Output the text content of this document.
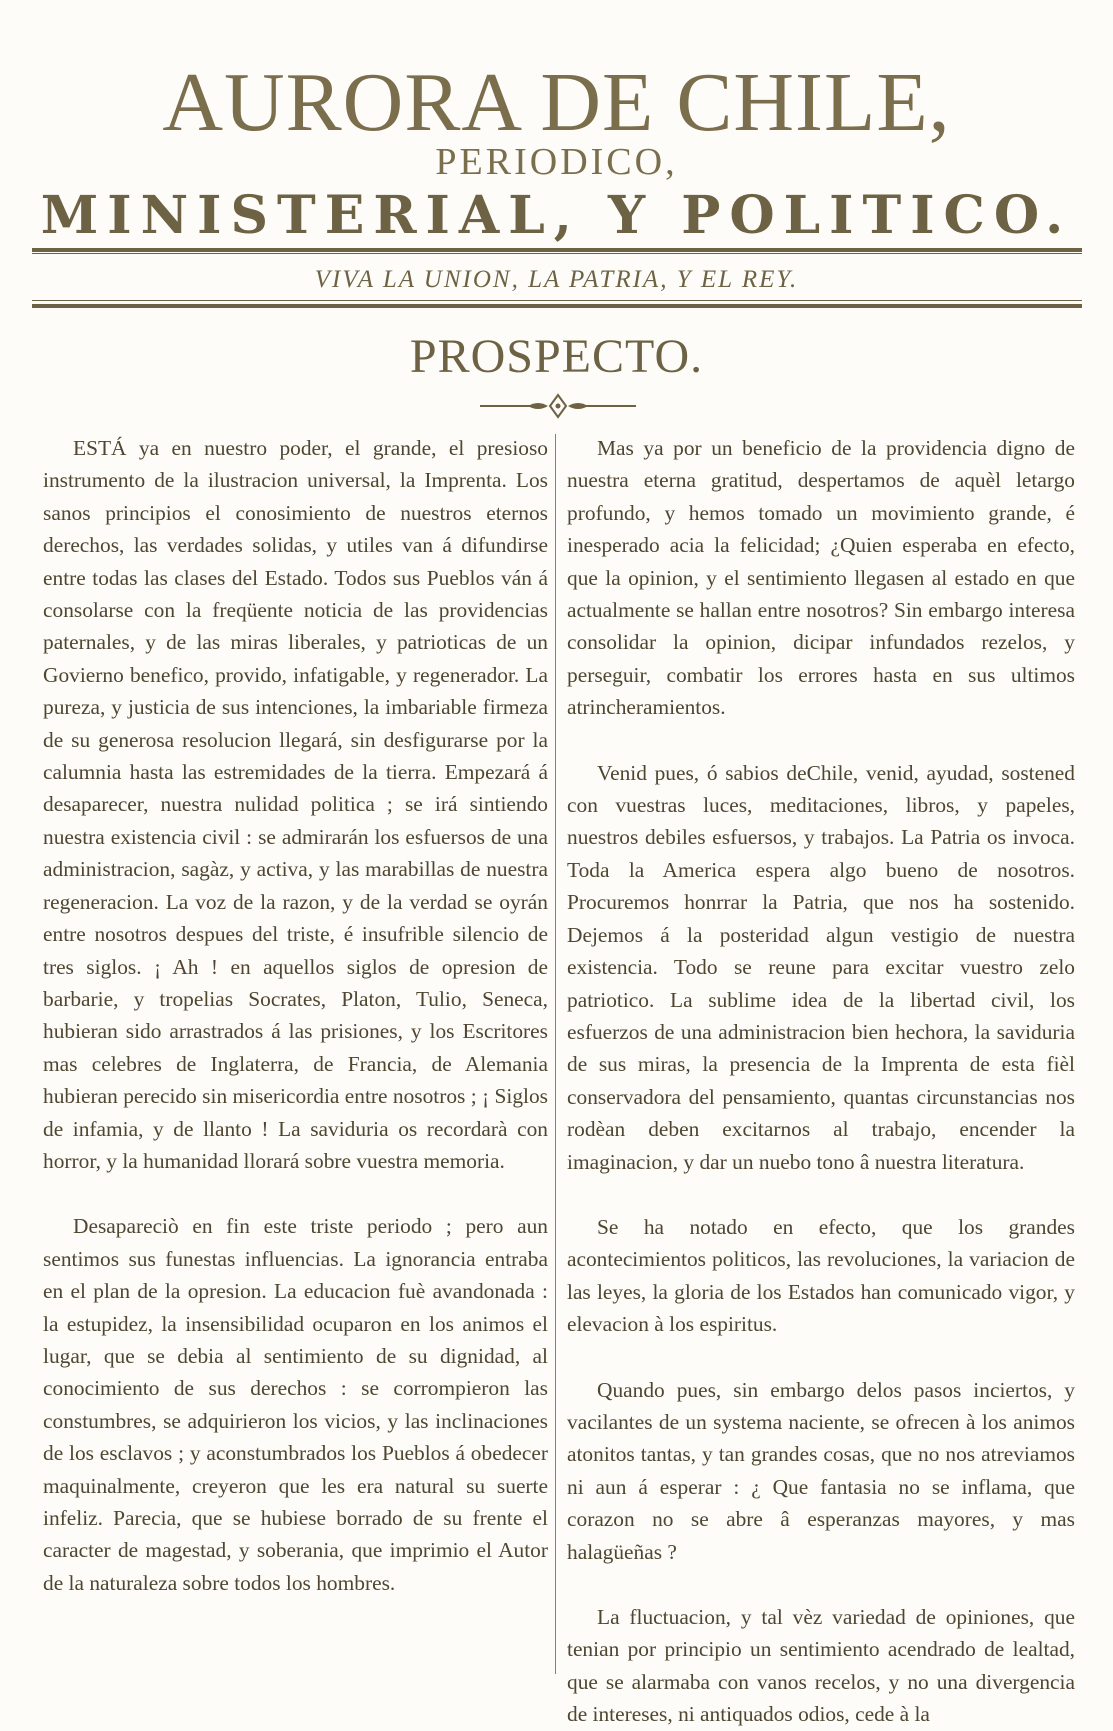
AURORA DE CHILE,
PERIODICO,
MINISTERIAL, Y POLITICO.
VIVA LA UNION, LA PATRIA, Y EL REY.
PROSPECTO.

ESTÁ ya en nuestro poder, el grande, el presioso instrumento de la ilustracion universal, la Imprenta. Los sanos principios el conosimiento de nuestros eternos derechos, las verdades solidas, y utiles van á difundirse entre todas las clases del Estado. Todos sus Pueblos ván á consolarse con la freqüente noticia de las providencias paternales, y de las miras liberales, y patrioticas de un Govierno benefico, provido, infatigable, y regenerador. La pureza, y justicia de sus intenciones, la imbariable firmeza de su generosa resolucion llegará, sin desfigurarse por la calumnia hasta las estremidades de la tierra. Empezará á desaparecer, nuestra nulidad politica ; se irá sintiendo nuestra existencia civil : se admirarán los esfuersos de una administracion, sagàz, y activa, y las marabillas de nuestra regeneracion. La voz de la razon, y de la verdad se oyrán entre nosotros despues del triste, é insufrible silencio de tres siglos. ¡ Ah ! en aquellos siglos de opresion de barbarie, y tropelias Socrates, Platon, Tulio, Seneca, hubieran sido arrastrados á las prisiones, y los Escritores mas celebres de Inglaterra, de Francia, de Alemania hubieran perecido sin misericordia entre nosotros ; ¡ Siglos de infamia, y de llanto ! La saviduria os recordarà con horror, y la humanidad llorará sobre vuestra memoria.

Desapareciò en fin este triste periodo ; pero aun sentimos sus funestas influencias. La ignorancia entraba en el plan de la opresion. La educacion fuè avandonada : la estupidez, la insensibilidad ocuparon en los animos el lugar, que se debia al sentimiento de su dignidad, al conocimiento de sus derechos : se corrompieron las constumbres, se adquirieron los vicios, y las inclinaciones de los esclavos ; y aconstumbrados los Pueblos á obedecer maquinalmente, creyeron que les era natural su suerte infeliz. Parecia, que se hubiese borrado de su frente el caracter de magestad, y soberania, que imprimio el Autor de la naturaleza sobre todos los hombres.

Mas ya por un beneficio de la providencia digno de nuestra eterna gratitud, despertamos de aquèl letargo profundo, y hemos tomado un movimiento grande, é inesperado acia la felicidad; ¿Quien esperaba en efecto, que la opinion, y el sentimiento llegasen al estado en que actualmente se hallan entre nosotros? Sin embargo interesa consolidar la opinion, dicipar infundados rezelos, y perseguir, combatir los errores hasta en sus ultimos atrincheramientos.

Venid pues, ó sabios deChile, venid, ayudad, sostened con vuestras luces, meditaciones, libros, y papeles, nuestros debiles esfuersos, y trabajos. La Patria os invoca. Toda la America espera algo bueno de nosotros. Procuremos honrrar la Patria, que nos ha sostenido. Dejemos á la posteridad algun vestigio de nuestra existencia. Todo se reune para excitar vuestro zelo patriotico. La sublime idea de la libertad civil, los esfuerzos de una administracion bien hechora, la saviduria de sus miras, la presencia de la Imprenta de esta fièl conservadora del pensamiento, quantas circunstancias nos rodèan deben excitarnos al trabajo, encender la imaginacion, y dar un nuebo tono â nuestra literatura.

Se ha notado en efecto, que los grandes acontecimientos politicos, las revoluciones, la variacion de las leyes, la gloria de los Estados han comunicado vigor, y elevacion à los espiritus.

Quando pues, sin embargo delos pasos inciertos, y vacilantes de un systema naciente, se ofrecen à los animos atonitos tantas, y tan grandes cosas, que no nos atreviamos ni aun á esperar : ¿ Que fantasia no se inflama, que corazon no se abre â esperanzas mayores, y mas halagüeñas ?

La fluctuacion, y tal vèz variedad de opiniones, que tenian por principio un sentimiento acendrado de lealtad, que se alarmaba con vanos recelos, y no una divergencia de intereses, ni antiquados odios, cede à la
